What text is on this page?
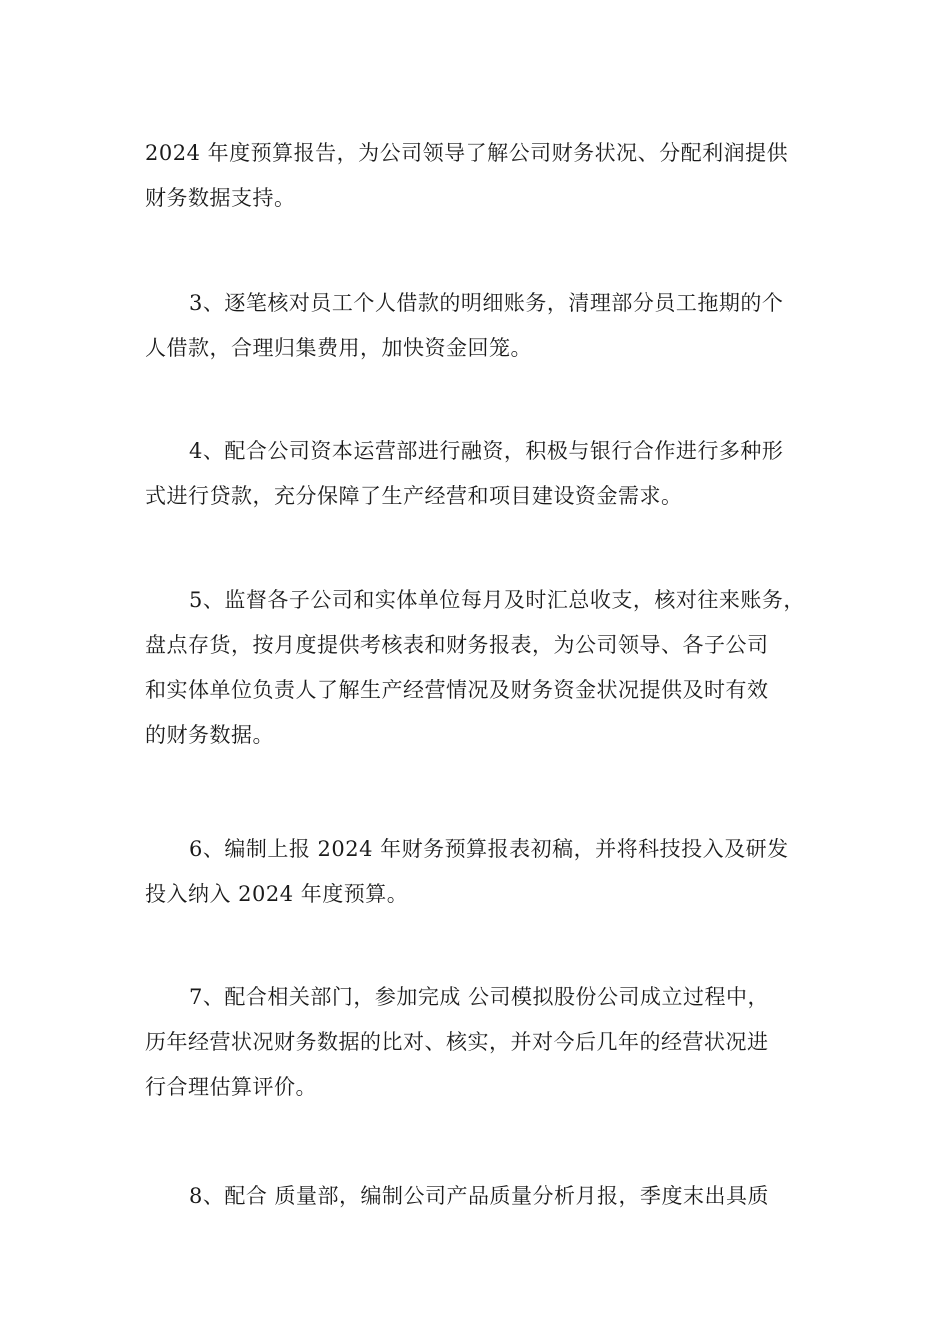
2024 年度预算报告，为公司领导了解公司财务状况、分配利润提供
财务数据支持。
3、逐笔核对员工个人借款的明细账务，清理部分员工拖期的个
人借款，合理归集费用，加快资金回笼。
4、配合公司资本运营部进行融资，积极与银行合作进行多种形
式进行贷款，充分保障了生产经营和项目建设资金需求。
5、监督各子公司和实体单位每月及时汇总收支，核对往来账务，
盘点存货，按月度提供考核表和财务报表，为公司领导、各子公司
和实体单位负责人了解生产经营情况及财务资金状况提供及时有效
的财务数据。
6、编制上报 2024 年财务预算报表初稿，并将科技投入及研发
投入纳入 2024 年度预算。
7、配合相关部门，参加完成 公司模拟股份公司成立过程中，
历年经营状况财务数据的比对、核实，并对今后几年的经营状况进
行合理估算评价。
8、配合 质量部，编制公司产品质量分析月报，季度末出具质
